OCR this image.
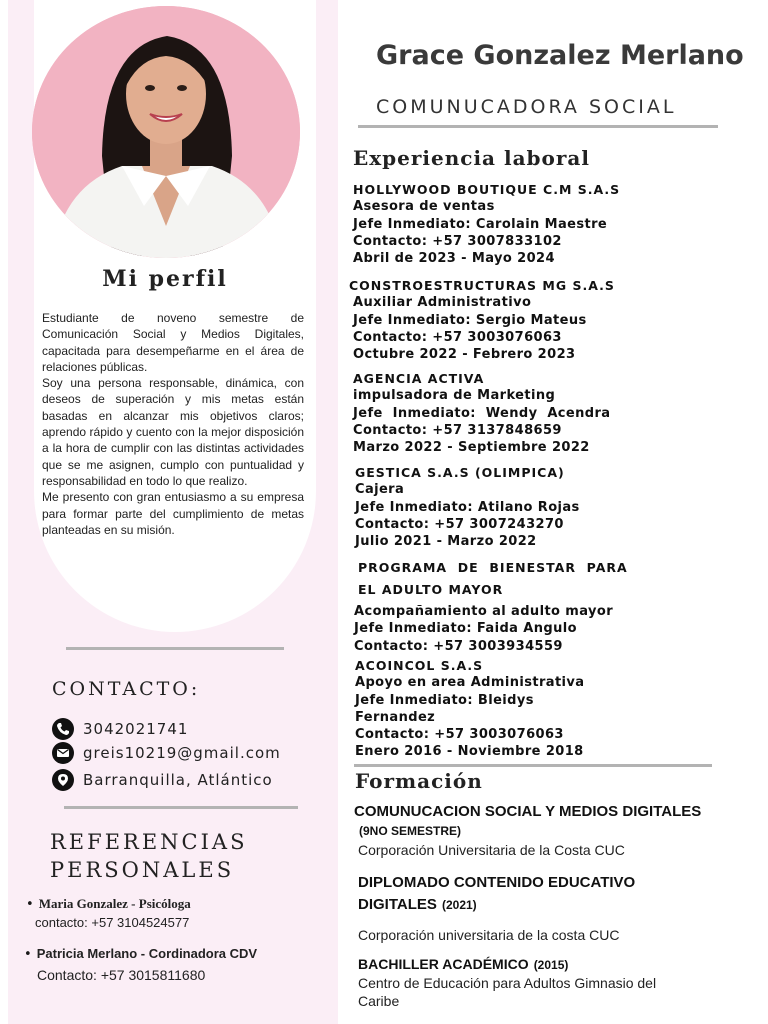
Mi perfil

Estudiante de noveno semestre de Comunicación Social y Medios Digitales, capacitada para desempeñarme en el área de relaciones públicas.

Soy una persona responsable, dinámica, con deseos de superación y mis metas están basadas en alcanzar mis objetivos claros; aprendo rápido y cuento con la mejor disposición a la hora de cumplir con las distintas actividades que se me asignen, cumplo con puntualidad y responsabilidad en todo lo que realizo.

Me presento con gran entusiasmo a su empresa para formar parte del cumplimiento de metas planteadas en su misión.

CONTACTO:
3042021741
greis10219@gmail.com
Barranquilla, Atlántico
REFERENCIAS
PERSONALES
• Maria Gonzalez - Psicóloga
contacto: +57 3104524577
• Patricia Merlano - Cordinadora CDV
Contacto: +57 3015811680
Grace Gonzalez Merlano
COMUNUCADORA SOCIAL
Experiencia laboral
HOLLYWOOD BOUTIQUE C.M S.A.S
Asesora de ventas
Jefe Inmediato: Carolain Maestre
Contacto: +57 3007833102
Abril de 2023 - Mayo 2024
CONSTROESTRUCTURAS MG S.A.S
Auxiliar Administrativo
Jefe Inmediato: Sergio Mateus
Contacto: +57 3003076063
Octubre 2022 - Febrero 2023
AGENCIA ACTIVA
impulsadora de Marketing
Jefe  Inmediato:  Wendy  Acendra
Contacto: +57 3137848659
Marzo 2022 - Septiembre 2022
GESTICA S.A.S (OLIMPICA)
Cajera
Jefe Inmediato: Atilano Rojas
Contacto: +57 3007243270
Julio 2021 - Marzo 2022
PROGRAMA  DE  BIENESTAR  PARA
EL ADULTO MAYOR
Acompañamiento al adulto mayor
Jefe Inmediato: Faida Angulo
Contacto: +57 3003934559
ACOINCOL S.A.S
Apoyo en area Administrativa
Jefe Inmediato: Bleidys
Fernandez
Contacto: +57 3003076063
Enero 2016 - Noviembre 2018
Formación
COMUNUCACION SOCIAL Y MEDIOS DIGITALES
(9NO SEMESTRE)
Corporación Universitaria de la Costa CUC
DIPLOMADO CONTENIDO EDUCATIVO
DIGITALES (2021)
Corporación universitaria de la costa CUC
BACHILLER ACADÉMICO (2015)
Centro de Educación para Adultos Gimnasio del
Caribe
